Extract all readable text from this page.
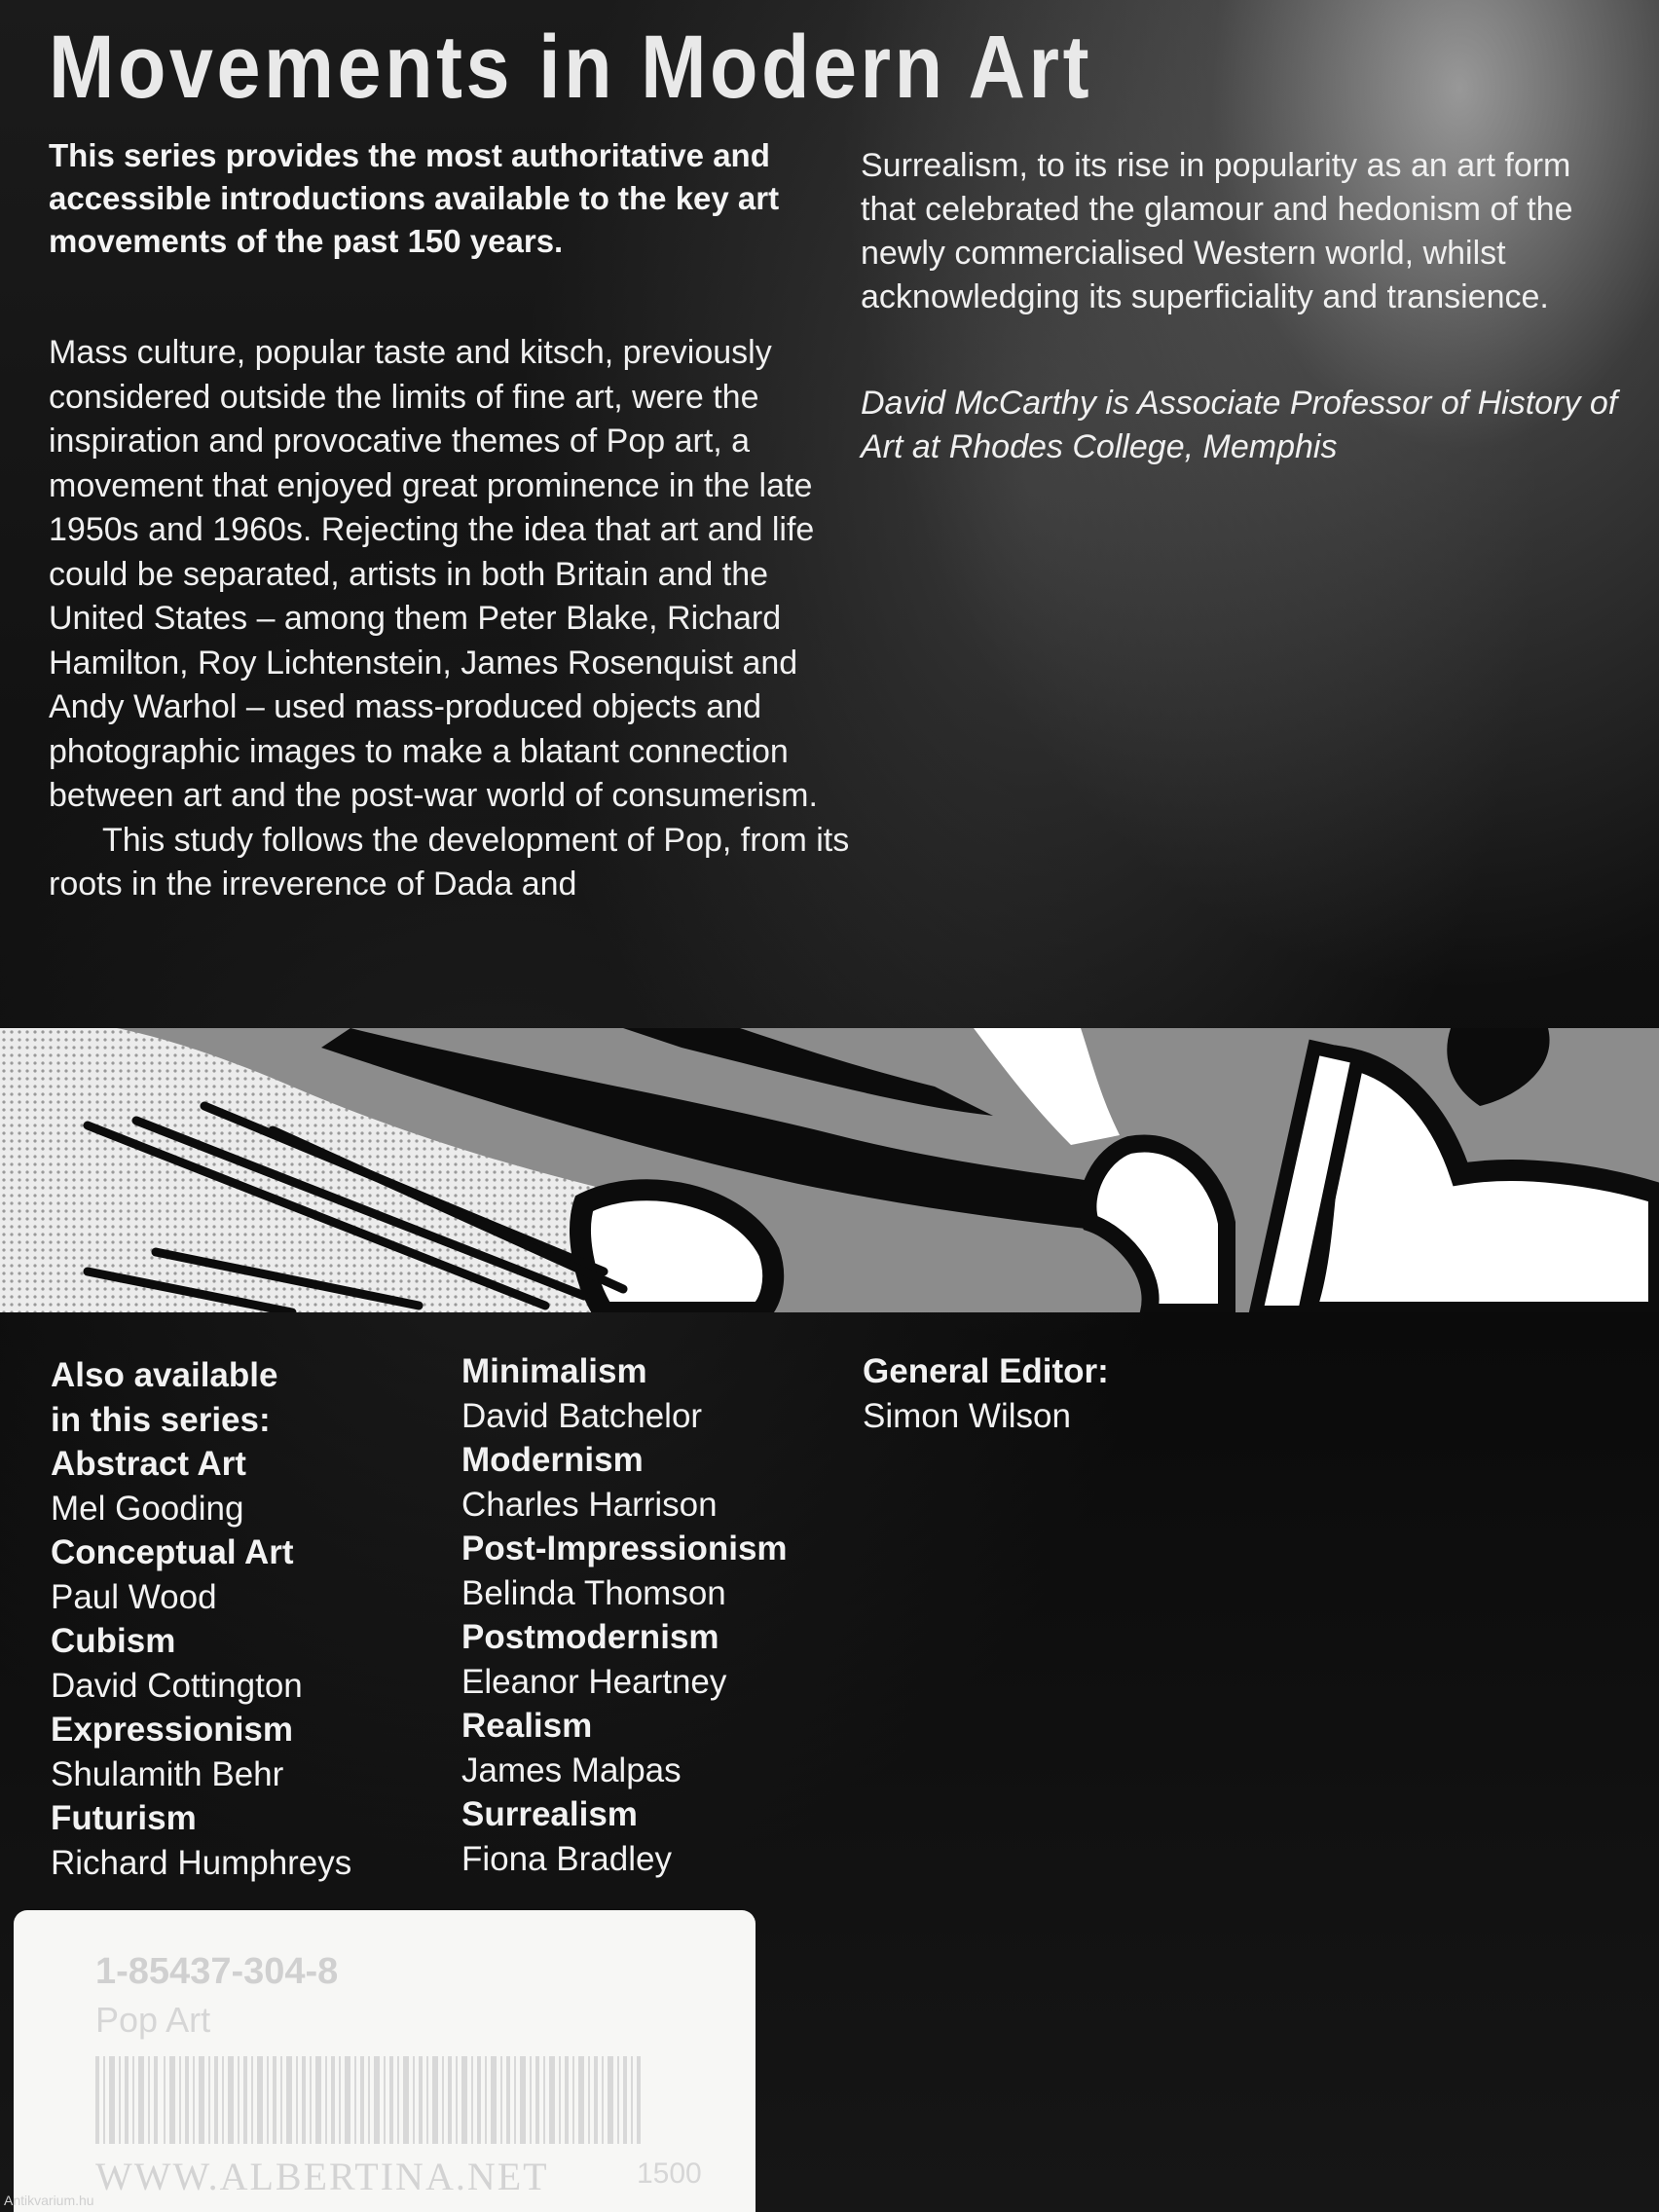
Movements in Modern Art
This series provides the most authoritative and accessible introductions available to the key art movements of the past 150 years.

Mass culture, popular taste and kitsch, previously considered outside the limits of fine art, were the inspiration and provocative themes of Pop art, a movement that enjoyed great prominence in the late 1950s and 1960s. Rejecting the idea that art and life could be separated, artists in both Britain and the United States – among them Peter Blake, Richard Hamilton, Roy Lichtenstein, James Rosenquist and Andy Warhol – used mass-produced objects and photographic images to make a blatant connection between art and the post-war world of consumerism.

This study follows the development of Pop, from its roots in the irreverence of Dada and

Surrealism, to its rise in popularity as an art form that celebrated the glamour and hedonism of the newly commercialised Western world, whilst acknowledging its superficiality and transience.
David McCarthy is Associate Professor of History of Art at Rhodes College, Memphis
Also available
in this series:
Abstract Art
Mel Gooding
Conceptual Art
Paul Wood
Cubism
David Cottington
Expressionism
Shulamith Behr
Futurism
Richard Humphreys
Minimalism
David Batchelor
Modernism
Charles Harrison
Post-Impressionism
Belinda Thomson
Postmodernism
Eleanor Heartney
Realism
James Malpas
Surrealism
Fiona Bradley
General Editor:
Simon Wilson
1-85437-304-8
Pop Art
WWW.ALBERTINA.NET	1500
Antikvarium.hu
